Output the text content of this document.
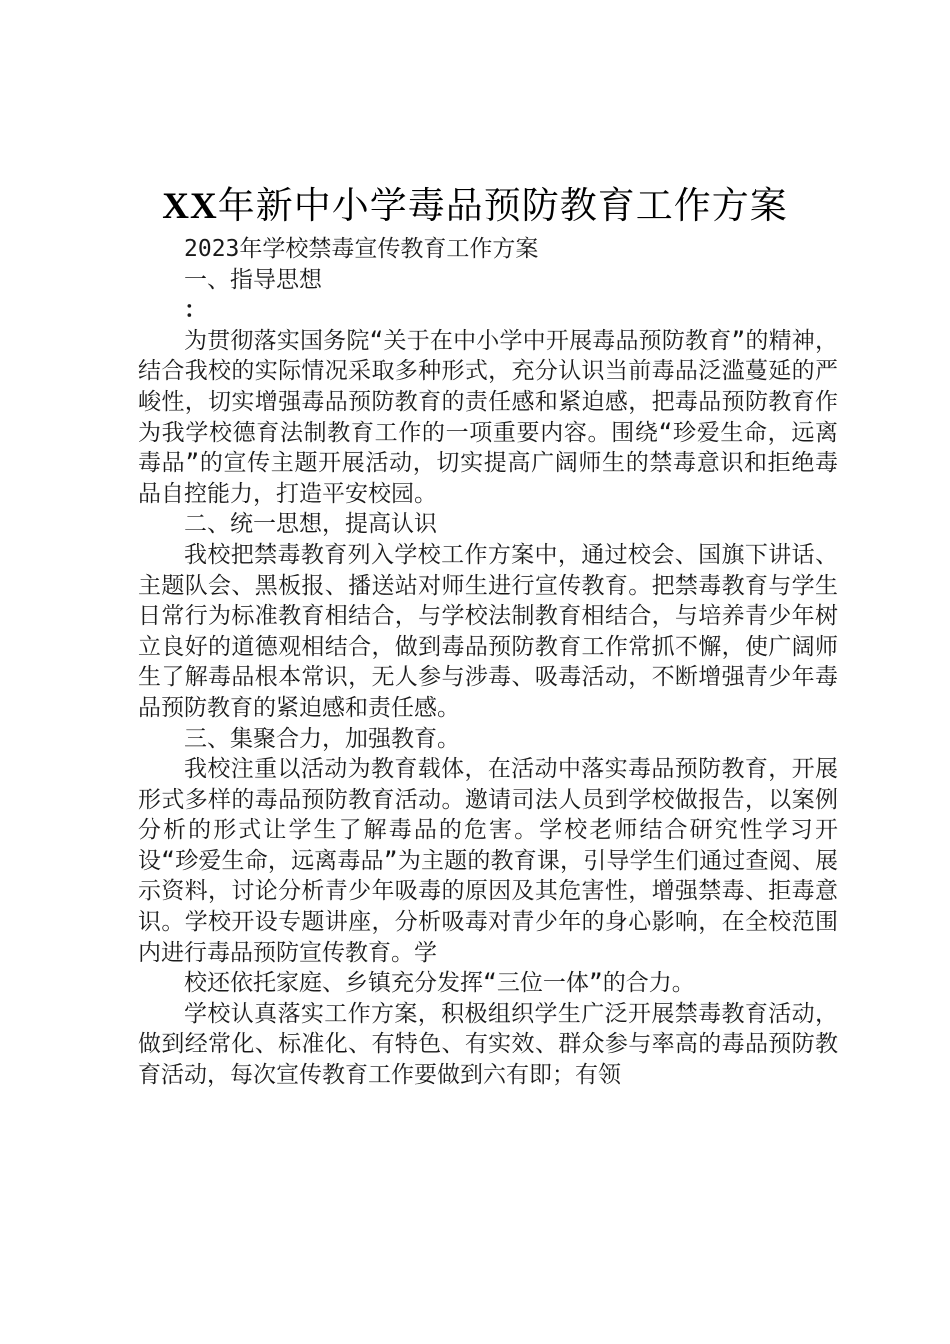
XX年新中小学毒品预防教育工作方案

2023年学校禁毒宣传教育工作方案

一、指导思想

：

为贯彻落实国务院“关于在中小学中开展毒品预防教育”的精神，结合我校的实际情况采取多种形式，充分认识当前毒品泛滥蔓延的严峻性，切实增强毒品预防教育的责任感和紧迫感，把毒品预防教育作为我学校德育法制教育工作的一项重要内容。围绕“珍爱生命，远离毒品”的宣传主题开展活动，切实提高广阔师生的禁毒意识和拒绝毒品自控能力，打造平安校园。

二、统一思想，提高认识

我校把禁毒教育列入学校工作方案中，通过校会、国旗下讲话、主题队会、黑板报、播送站对师生进行宣传教育。把禁毒教育与学生日常行为标准教育相结合，与学校法制教育相结合，与培养青少年树立良好的道德观相结合，做到毒品预防教育工作常抓不懈，使广阔师生了解毒品根本常识，无人参与涉毒、吸毒活动，不断增强青少年毒品预防教育的紧迫感和责任感。

三、集聚合力，加强教育。

我校注重以活动为教育载体，在活动中落实毒品预防教育，开展形式多样的毒品预防教育活动。邀请司法人员到学校做报告，以案例分析的形式让学生了解毒品的危害。学校老师结合研究性学习开设“珍爱生命，远离毒品”为主题的教育课，引导学生们通过查阅、展示资料，讨论分析青少年吸毒的原因及其危害性，增强禁毒、拒毒意识。学校开设专题讲座，分析吸毒对青少年的身心影响，在全校范围内进行毒品预防宣传教育。学

校还依托家庭、乡镇充分发挥“三位一体”的合力。

学校认真落实工作方案，积极组织学生广泛开展禁毒教育活动，做到经常化、标准化、有特色、有实效、群众参与率高的毒品预防教育活动，每次宣传教育工作要做到六有即；有领
